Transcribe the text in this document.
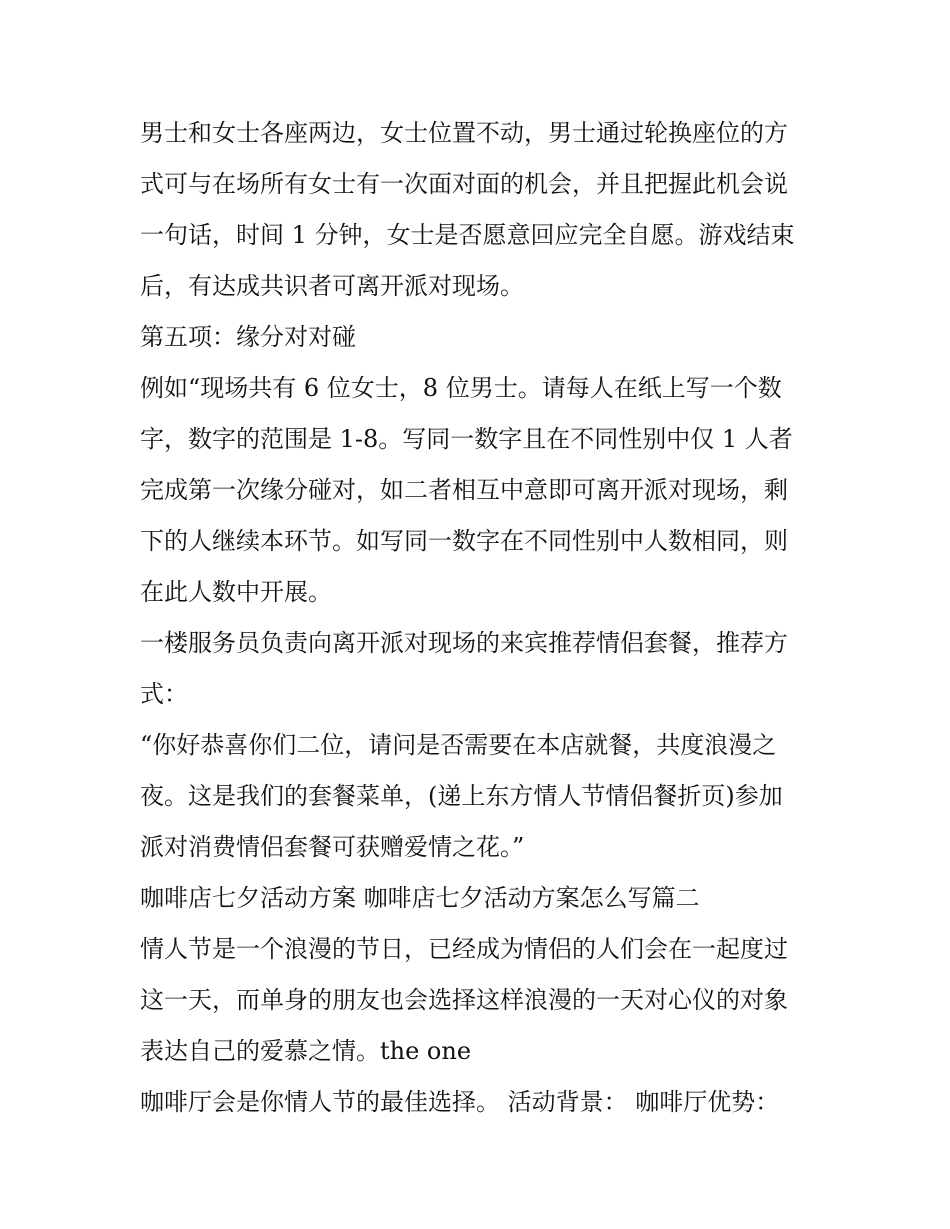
男士和女士各座两边，女士位置不动，男士通过轮换座位的方
式可与在场所有女士有一次面对面的机会，并且把握此机会说
一句话，时间 1 分钟，女士是否愿意回应完全自愿。游戏结束
后，有达成共识者可离开派对现场。

第五项：缘分对对碰

例如“现场共有 6 位女士，8 位男士。请每人在纸上写一个数
字，数字的范围是 1-8。写同一数字且在不同性别中仅 1 人者
完成第一次缘分碰对，如二者相互中意即可离开派对现场，剩
下的人继续本环节。如写同一数字在不同性别中人数相同，则
在此人数中开展。

一楼服务员负责向离开派对现场的来宾推荐情侣套餐，推荐方
式：

“你好恭喜你们二位，请问是否需要在本店就餐，共度浪漫之
夜。这是我们的套餐菜单，(递上东方情人节情侣餐折页)参加
派对消费情侣套餐可获赠爱情之花。”

咖啡店七夕活动方案 咖啡店七夕活动方案怎么写篇二

情人节是一个浪漫的节日，已经成为情侣的人们会在一起度过
这一天，而单身的朋友也会选择这样浪漫的一天对心仪的对象
表达自己的爱慕之情。the one

咖啡厅会是你情人节的最佳选择。 活动背景： 咖啡厅优势：
